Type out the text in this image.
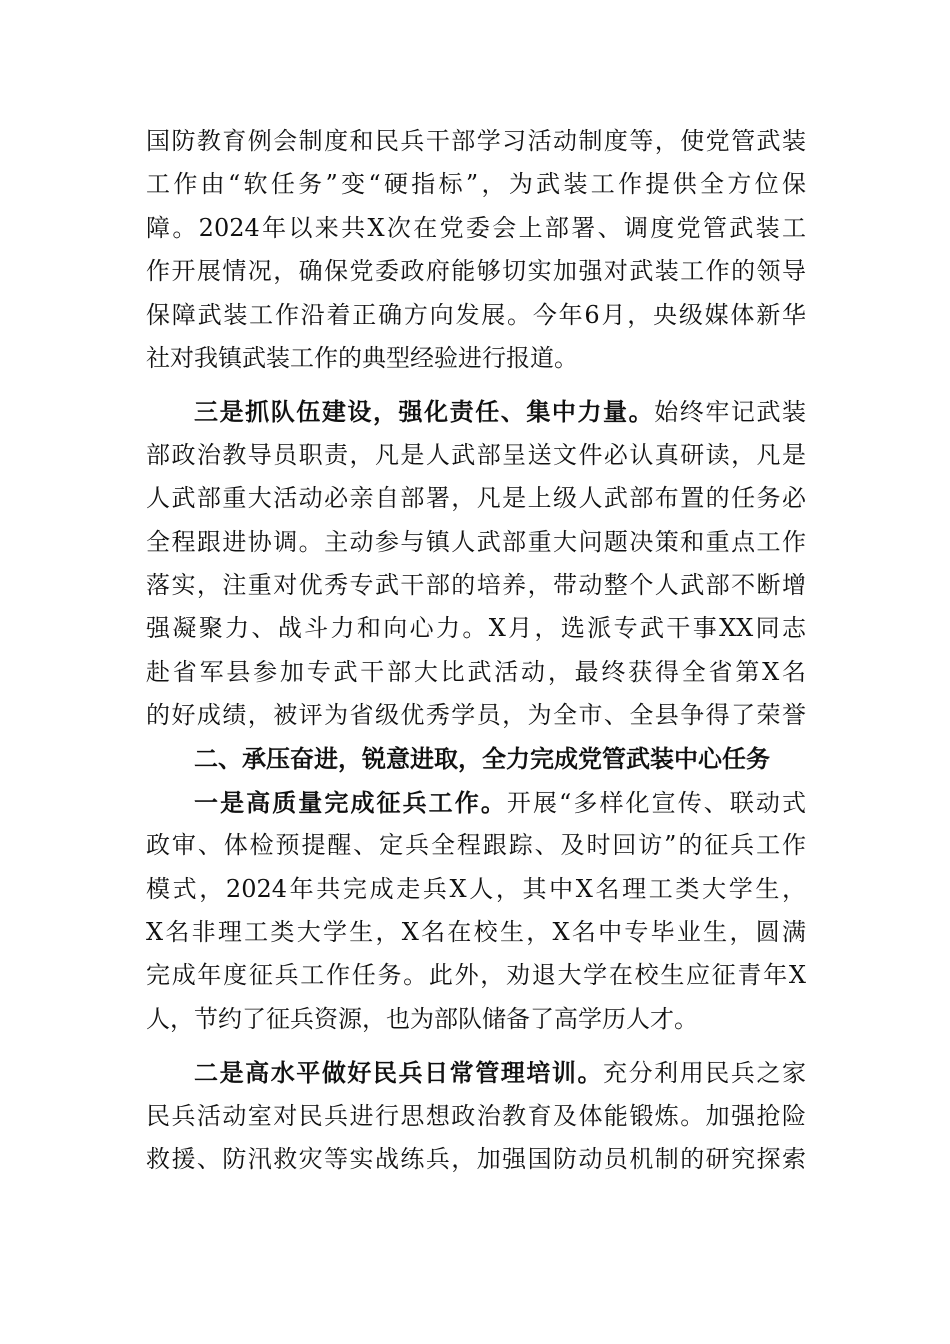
国防教育例会制度和民兵干部学习活动制度等，使党管武装
工作由“软任务”变“硬指标”，为武装工作提供全方位保
障。2024年以来共X次在党委会上部署、调度党管武装工
作开展情况，确保党委政府能够切实加强对武装工作的领导
保障武装工作沿着正确方向发展。今年6月，央级媒体新华
社对我镇武装工作的典型经验进行报道。
三是抓队伍建设，强化责任、集中力量。始终牢记武装
部政治教导员职责，凡是人武部呈送文件必认真研读，凡是
人武部重大活动必亲自部署，凡是上级人武部布置的任务必
全程跟进协调。主动参与镇人武部重大问题决策和重点工作
落实，注重对优秀专武干部的培养，带动整个人武部不断增
强凝聚力、战斗力和向心力。X月，选派专武干事XX同志
赴省军县参加专武干部大比武活动，最终获得全省第X名
的好成绩，被评为省级优秀学员，为全市、全县争得了荣誉
二、承压奋进，锐意进取，全力完成党管武装中心任务
一是高质量完成征兵工作。开展“多样化宣传、联动式
政审、体检预提醒、定兵全程跟踪、及时回访”的征兵工作
模式，2024年共完成走兵X人，其中X名理工类大学生，
X名非理工类大学生，X名在校生，X名中专毕业生，圆满
完成年度征兵工作任务。此外，劝退大学在校生应征青年X
人，节约了征兵资源，也为部队储备了高学历人才。
二是高水平做好民兵日常管理培训。充分利用民兵之家
民兵活动室对民兵进行思想政治教育及体能锻炼。加强抢险
救援、防汛救灾等实战练兵，加强国防动员机制的研究探索
